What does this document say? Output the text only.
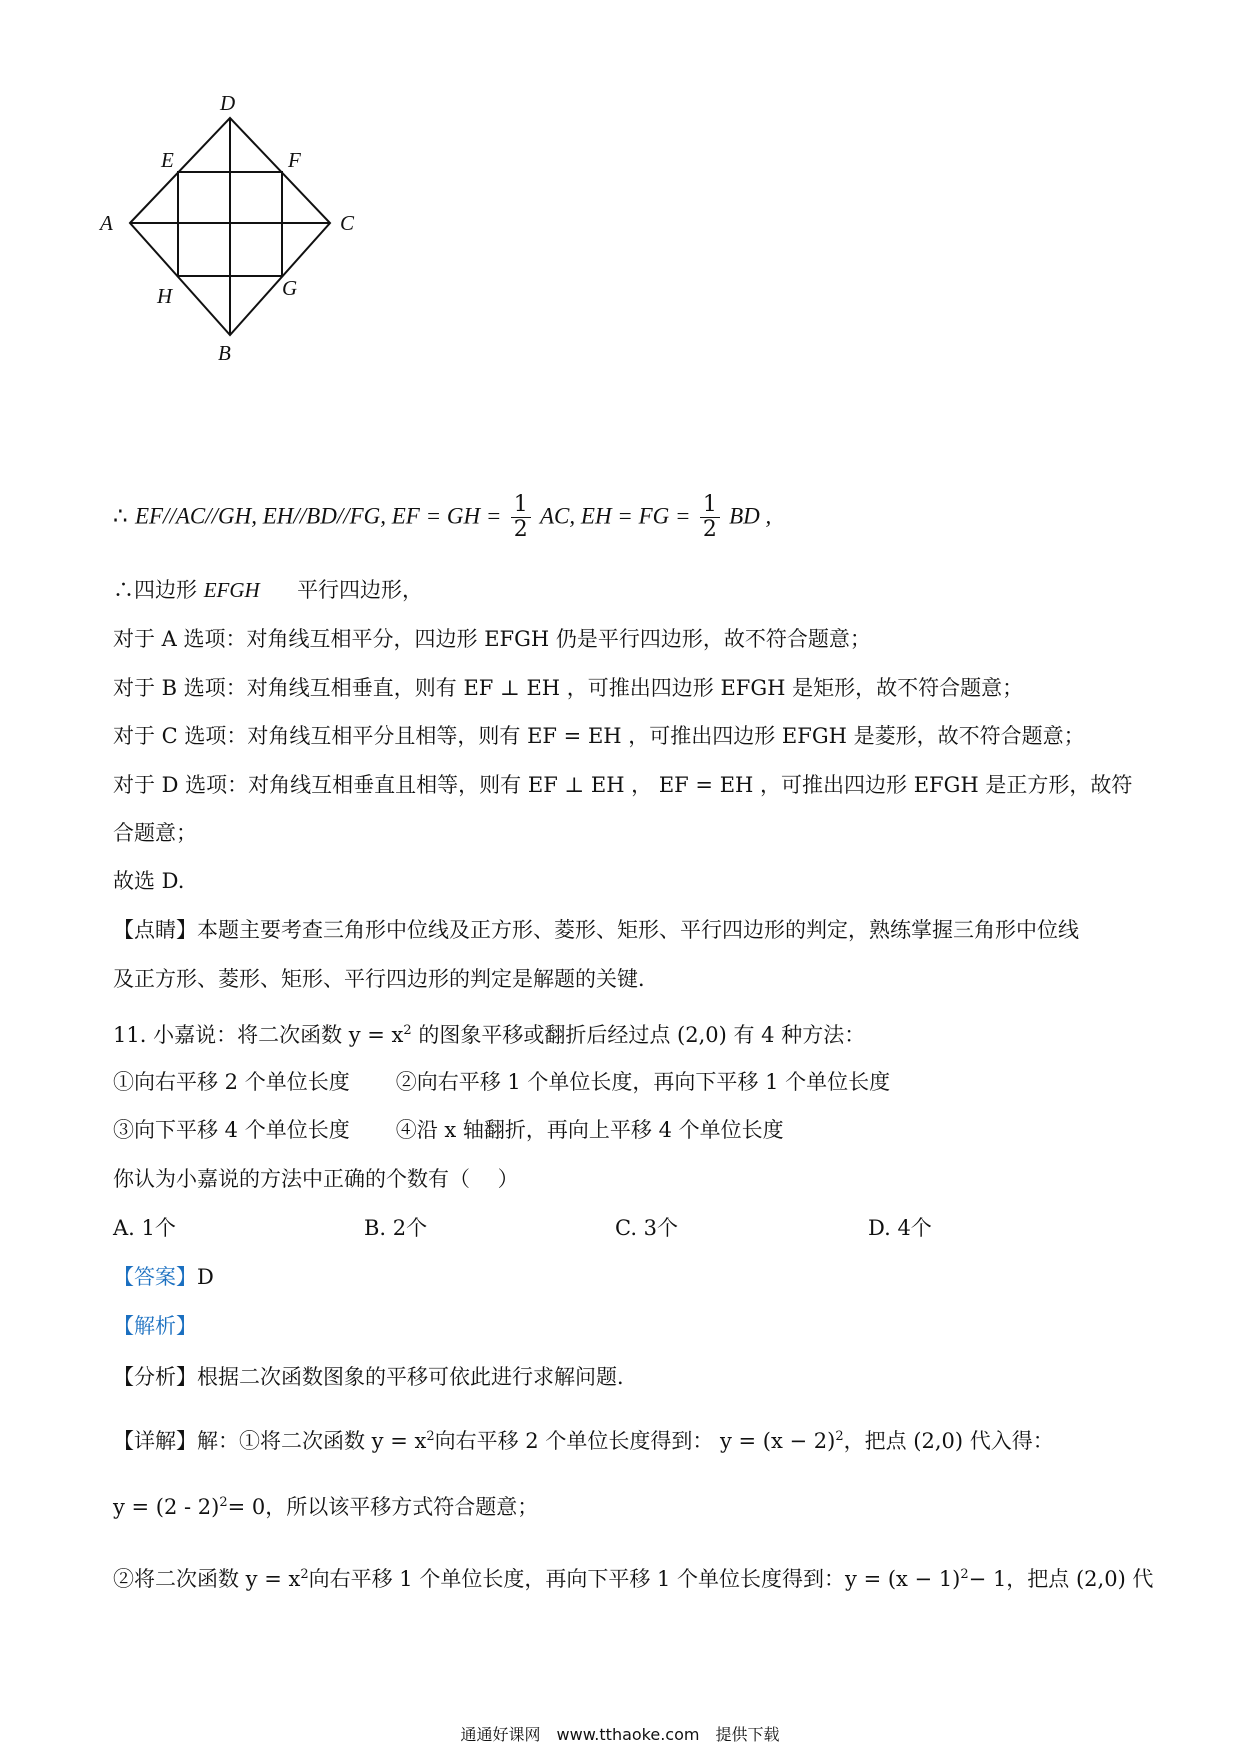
D
E	F
A	C
H	G
B
∴ EF//AC//GH, EH//BD//FG, EF = GH = $\frac{1}{2}$ AC, EH = FG = $\frac{1}{2}$ BD ,
∴四边形 EFGH 平行四边形，
对于 A 选项：对角线互相平分，四边形 EFGH 仍是平行四边形，故不符合题意；
对于 B 选项：对角线互相垂直，则有 EF ⊥ EH ，可推出四边形 EFGH 是矩形，故不符合题意；
对于 C 选项：对角线互相平分且相等，则有 EF = EH ，可推出四边形 EFGH 是菱形，故不符合题意；
对于 D 选项：对角线互相垂直且相等，则有 EF ⊥ EH ， EF = EH ，可推出四边形 EFGH 是正方形，故符
合题意；
故选 D.
【点睛】本题主要考查三角形中位线及正方形、菱形、矩形、平行四边形的判定，熟练掌握三角形中位线
及正方形、菱形、矩形、平行四边形的判定是解题的关键．
11. 小嘉说：将二次函数 $y = x^2$ 的图象平移或翻折后经过点 (2,0) 有 4 种方法：
①向右平移 2 个单位长度 ②向右平移 1 个单位长度，再向下平移 1 个单位长度
③向下平移 4 个单位长度 ④沿 x 轴翻折，再向上平移 4 个单位长度
你认为小嘉说的方法中正确的个数有（　 ）
A. 1个	B. 2个	C. 3个	D. 4个
【答案】D
【解析】
【分析】根据二次函数图象的平移可依此进行求解问题．
【详解】解：①将二次函数 $y = x^2$向右平移 2 个单位长度得到： $y = (x - 2)^2$，把点 (2,0) 代入得：
y = (2 - 2)$^2$= 0，所以该平移方式符合题意；
②将二次函数 $y = x^2$向右平移 1 个单位长度，再向下平移 1 个单位长度得到：$y = (x - 1)^2- 1$，把点 (2,0) 代
通通好课网　www.tthaoke.com　提供下载
